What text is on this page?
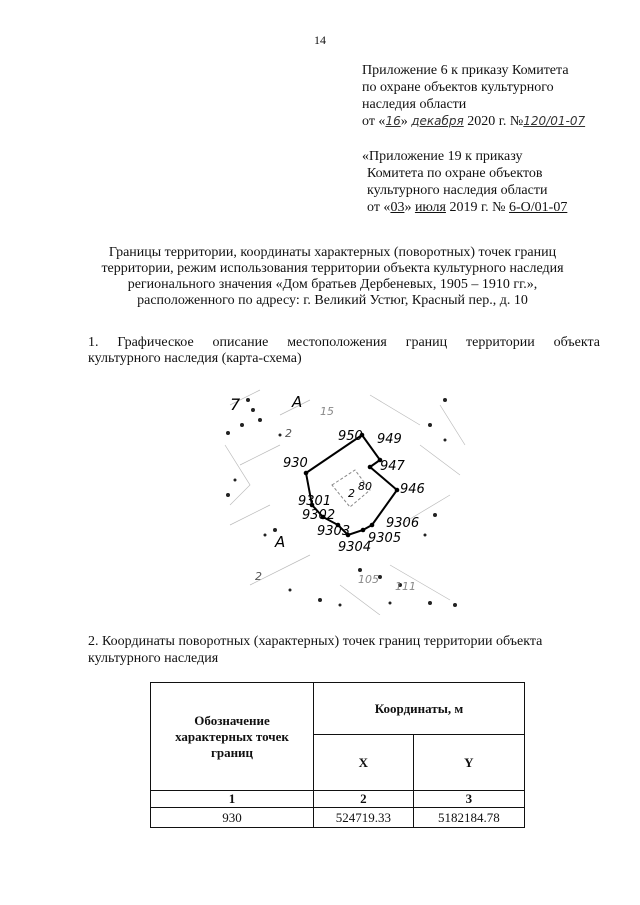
14
Приложение 6 к приказу Комитета
по охране объектов культурного
наследия области
от «16» декабря 2020 г. №120/01-07
«Приложение 19 к приказу
Комитета по охране объектов
культурного наследия области
от «03» июля 2019 г. № 6-О/01-07
Границы территории, координаты характерных (поворотных) точек границ
территории, режим использования территории объекта культурного наследия
регионального значения «Дом братьев Дербеневых, 1905 – 1910 гг.»,
расположенного по адресу: г. Великий Устюг, Красный пер., д. 10
1. Графическое описание местоположения границ территории объекта
культурного наследия (карта-схема)
950 949
947
946
9306
9305
9304
9303
9302
9301
930
80
2
А
А
7
2
15
2	105
111
2. Координаты поворотных (характерных) точек границ территории объекта
культурного наследия
Обозначение характерных точек границ	Координаты, м	
	X	Y
1	2	3
930	524719.33	5182184.78
